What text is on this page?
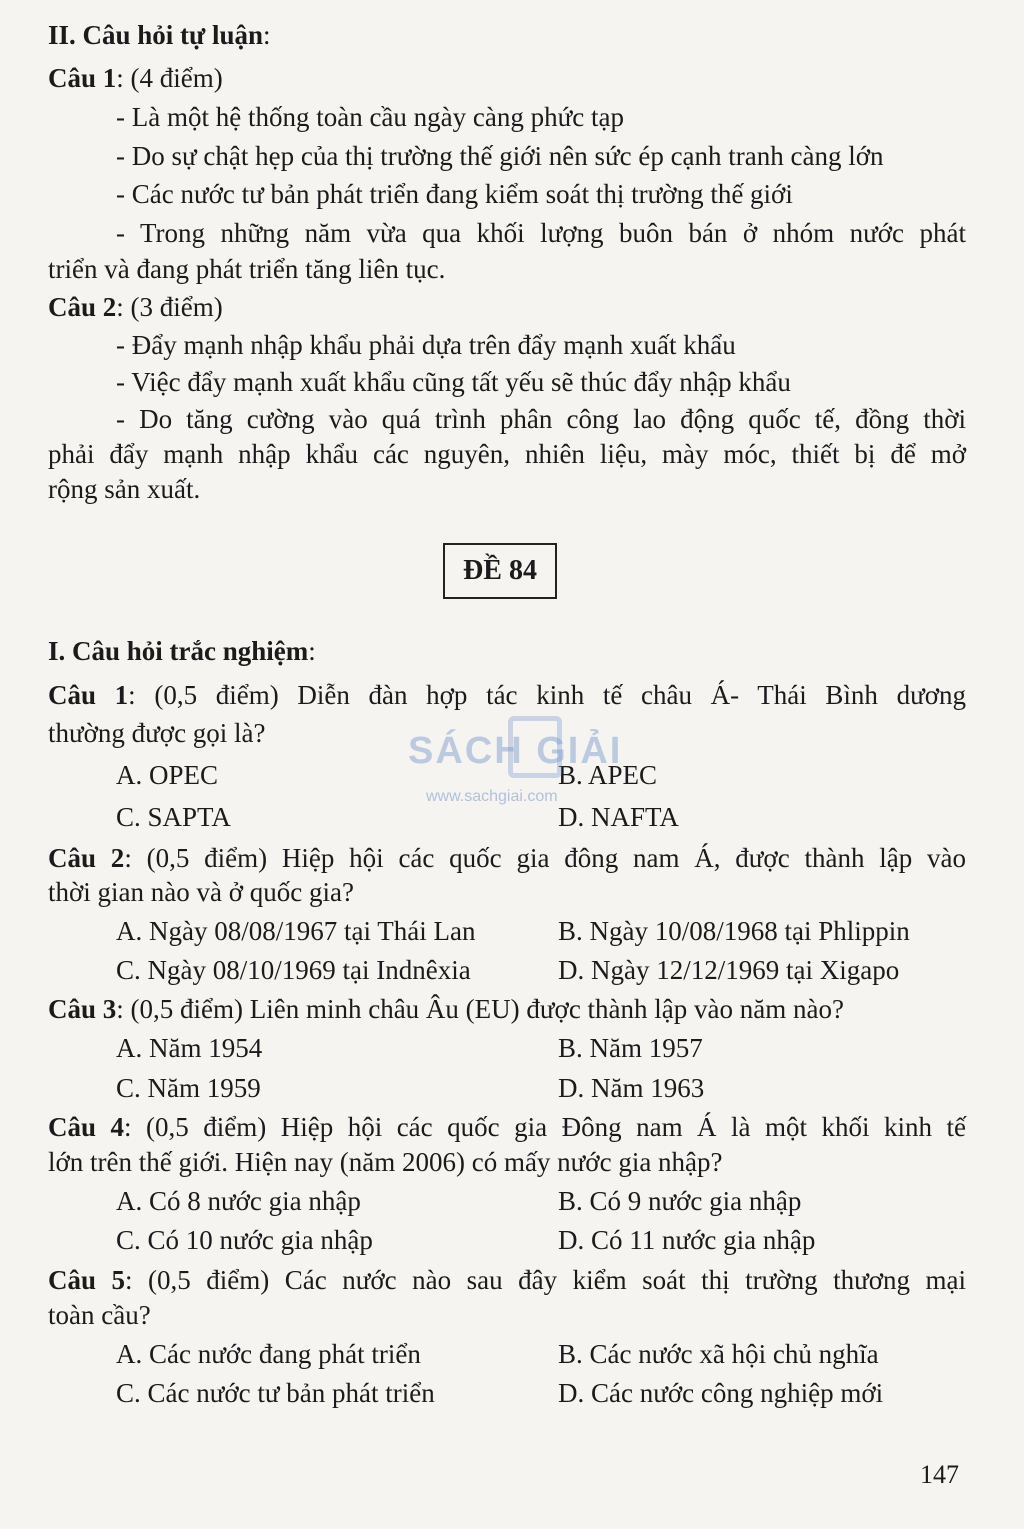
II. Câu hỏi tự luận:
Câu 1: (4 điểm)
- Là một hệ thống toàn cầu ngày càng phức tạp
- Do sự chật hẹp của thị trường thế giới nên sức ép cạnh tranh càng lớn
- Các nước tư bản phát triển đang kiểm soát thị trường thế giới
- Trong những năm vừa qua khối lượng buôn bán ở nhóm nước phát
triển và đang phát triển tăng liên tục.
Câu 2: (3 điểm)
- Đẩy mạnh nhập khẩu phải dựa trên đẩy mạnh xuất khẩu
- Việc đẩy mạnh xuất khẩu cũng tất yếu sẽ thúc đẩy nhập khẩu
- Do tăng cường vào quá trình phân công lao động quốc tế, đồng thời
phải đẩy mạnh nhập khẩu các nguyên, nhiên liệu, mày móc, thiết bị để mở
rộng sản xuất.
ĐỀ 84
I. Câu hỏi trắc nghiệm:
Câu 1: (0,5 điểm) Diễn đàn hợp tác kinh tế châu Á- Thái Bình dương
thường được gọi là?
A. OPEC	B. APEC
C. SAPTA	D. NAFTA
Câu 2: (0,5 điểm) Hiệp hội các quốc gia đông nam Á, được thành lập vào
thời gian nào và ở quốc gia?
A. Ngày 08/08/1967 tại Thái Lan	B. Ngày 10/08/1968 tại Phlippin
C. Ngày 08/10/1969 tại Indnêxia	D. Ngày 12/12/1969 tại Xigapo
Câu 3: (0,5 điểm) Liên minh châu Âu (EU) được thành lập vào năm nào?
A. Năm 1954	B. Năm 1957
C. Năm 1959	D. Năm 1963
Câu 4: (0,5 điểm) Hiệp hội các quốc gia Đông nam Á là một khối kinh tế
lớn trên thế giới. Hiện nay (năm 2006) có mấy nước gia nhập?
A. Có 8 nước gia nhập	B. Có 9 nước gia nhập
C. Có 10 nước gia nhập	D. Có 11 nước gia nhập
Câu 5: (0,5 điểm) Các nước nào sau đây kiểm soát thị trường thương mại
toàn cầu?
A. Các nước đang phát triển	B. Các nước xã hội chủ nghĩa
C. Các nước tư bản phát triển	D. Các nước công nghiệp mới
SÁCH GIẢI
www.sachgiai.com
147
